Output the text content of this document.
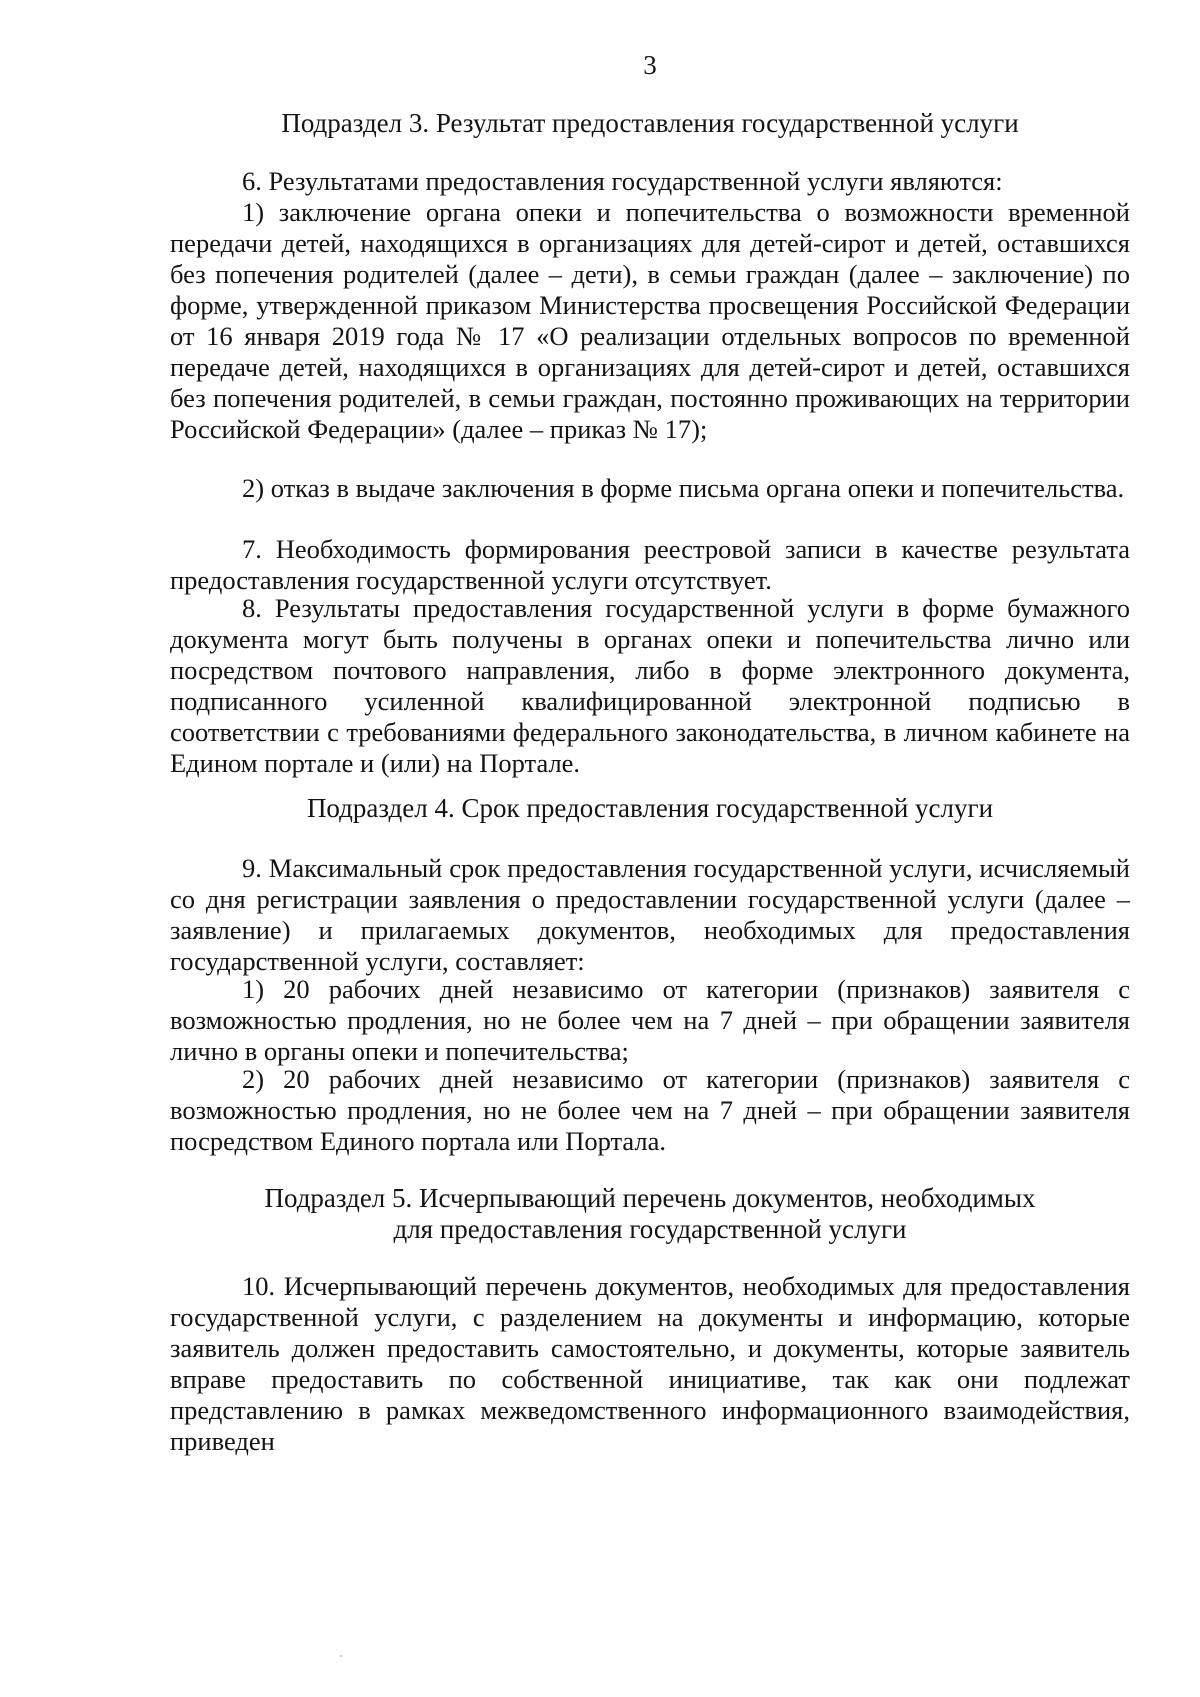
3
Подраздел 3. Результат предоставления государственной услуги

6. Результатами предоставления государственной услуги являются:

1) заключение органа опеки и попечительства о возможности временной передачи детей, находящихся в организациях для детей-сирот и детей, оставшихся без попечения родителей (далее – дети), в семьи граждан (далее – заключение) по форме, утвержденной приказом Министерства просвещения Российской Федерации от 16 января 2019 года № 17 «О реализации отдельных вопросов по временной передаче детей, находящихся в организациях для детей-сирот и детей, оставшихся без попечения родителей, в семьи граждан, постоянно проживающих на территории Российской Федерации» (далее – приказ № 17);

2) отказ в выдаче заключения в форме письма органа опеки и попечительства.

7. Необходимость формирования реестровой записи в качестве результата предоставления государственной услуги отсутствует.

8. Результаты предоставления государственной услуги в форме бумажного документа могут быть получены в органах опеки и попечительства лично или посредством почтового направления, либо в форме электронного документа, подписанного усиленной квалифицированной электронной подписью в соответствии с требованиями федерального законодательства, в личном кабинете на Едином портале и (или) на Портале.

Подраздел 4. Срок предоставления государственной услуги

9. Максимальный срок предоставления государственной услуги, исчисляемый со дня регистрации заявления о предоставлении государственной услуги (далее – заявление) и прилагаемых документов, необходимых для предоставления государственной услуги, составляет:

1) 20 рабочих дней независимо от категории (признаков) заявителя с возможностью продления, но не более чем на 7 дней – при обращении заявителя лично в органы опеки и попечительства;

2) 20 рабочих дней независимо от категории (признаков) заявителя с возможностью продления, но не более чем на 7 дней – при обращении заявителя посредством Единого портала или Портала.

Подраздел 5. Исчерпывающий перечень документов, необходимых
для предоставления государственной услуги

10. Исчерпывающий перечень документов, необходимых для предоставления государственной услуги, с разделением на документы и информацию, которые заявитель должен предоставить самостоятельно, и документы, которые заявитель вправе предоставить по собственной инициативе, так как они подлежат представлению в рамках межведомственного информационного взаимодействия, приведен
